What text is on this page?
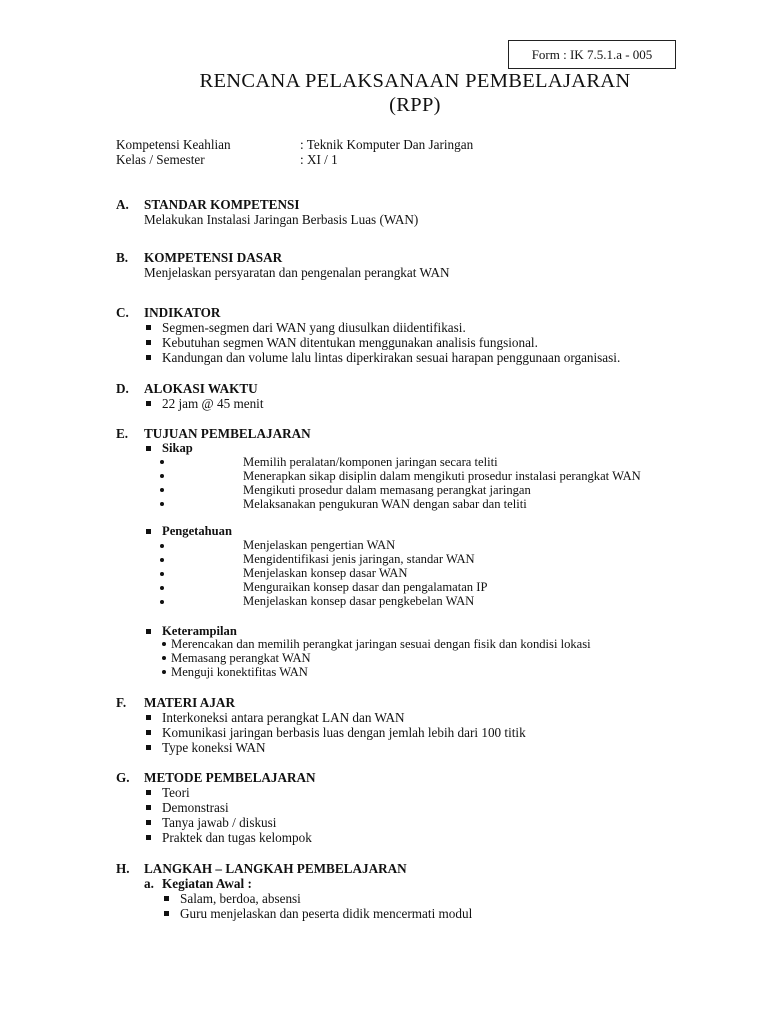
Form : IK 7.5.1.a - 005
RENCANA PELAKSANAAN PEMBELAJARAN
(RPP)
Kompetensi Keahlian	: Teknik Komputer Dan Jaringan
Kelas / Semester	: XI / 1
A. STANDAR KOMPETENSI
Melakukan Instalasi Jaringan Berbasis Luas (WAN)
B. KOMPETENSI DASAR
Menjelaskan persyaratan dan pengenalan perangkat WAN
C. INDIKATOR
Segmen-segmen dari WAN yang diusulkan diidentifikasi.
Kebutuhan segmen WAN ditentukan menggunakan analisis fungsional.
Kandungan dan volume lalu lintas diperkirakan sesuai harapan penggunaan organisasi.
D. ALOKASI WAKTU
22 jam @ 45 menit
E. TUJUAN PEMBELAJARAN
Sikap
Memilih peralatan/komponen jaringan secara teliti
Menerapkan sikap disiplin dalam mengikuti prosedur instalasi perangkat WAN
Mengikuti prosedur dalam memasang perangkat jaringan
Melaksanakan pengukuran WAN dengan sabar dan teliti
Pengetahuan
Menjelaskan pengertian WAN
Mengidentifikasi jenis jaringan, standar WAN
Menjelaskan konsep dasar WAN
Menguraikan konsep dasar dan pengalamatan IP
Menjelaskan konsep dasar pengkebelan WAN
Keterampilan
Merencakan dan memilih perangkat jaringan sesuai dengan fisik dan kondisi lokasi
Memasang perangkat WAN
Menguji konektifitas WAN
F. MATERI AJAR
Interkoneksi antara perangkat LAN dan WAN
Komunikasi jaringan berbasis luas dengan jemlah lebih dari 100 titik
Type koneksi WAN
G. METODE PEMBELAJARAN
Teori
Demonstrasi
Tanya jawab / diskusi
Praktek dan tugas kelompok
H. LANGKAH – LANGKAH PEMBELAJARAN
a. Kegiatan Awal :
Salam, berdoa, absensi
Guru menjelaskan dan peserta didik mencermati modul
